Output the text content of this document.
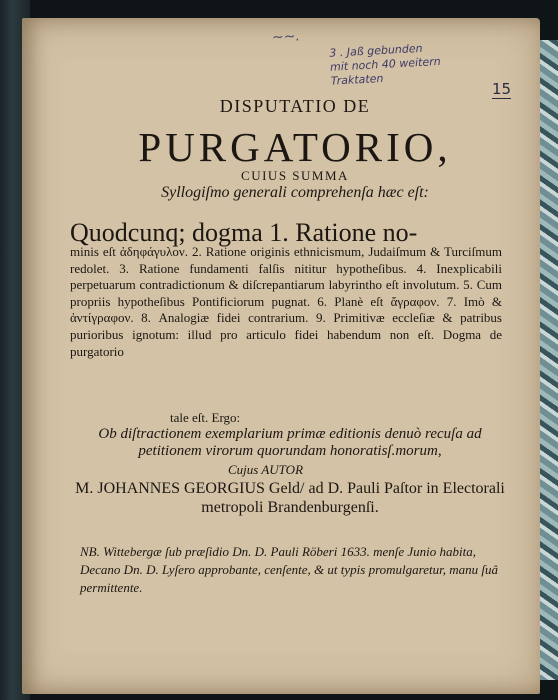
~~.
3 . Jaß gebunden
mit noch 40 weitern
Traktaten
15
DISPUTATIO DE
PURGATORIO,
CUIUS SUMMA
Syllogiſmo generali comprehenſa hæc eſt:
Quodcunq; dogma 1. Ratione no-
minis eſt ἀδηφάγυλον. 2. Ratione originis ethnicismum, Judaiſmum & Turciſmum redolet. 3. Ratione fundamenti falſis nititur hypotheſibus. 4. Inexplicabili perpetuarum contradictionum & diſcrepantiarum labyrintho eſt involutum. 5. Cum propriis hypotheſibus Pontificiorum pugnat. 6. Planè eſt ἄγραφον. 7. Imò & ἀντίγραφον. 8. Analogiæ fidei contrarium. 9. Primitivæ eccleſiæ & patribus purioribus ignotum: illud pro articulo fidei habendum non eſt. Dogma de purgatorio
tale eſt. Ergo:
Ob diſtractionem exemplarium primæ editionis denuò recuſa ad petitionem virorum quorundam honoratisſ.morum,
Cujus AUTOR
M. JOHANNES GEORGIUS Geld/ ad D. Pauli Paſtor in Electorali metropoli Brandenburgenſi.
NB. Wittebergæ ſub præſidio Dn. D. Pauli Röberi 1633. menſe Junio habita, Decano Dn. D. Lyſero approbante, cenſente, & ut typis promulgaretur, manu ſuâ permittente.
